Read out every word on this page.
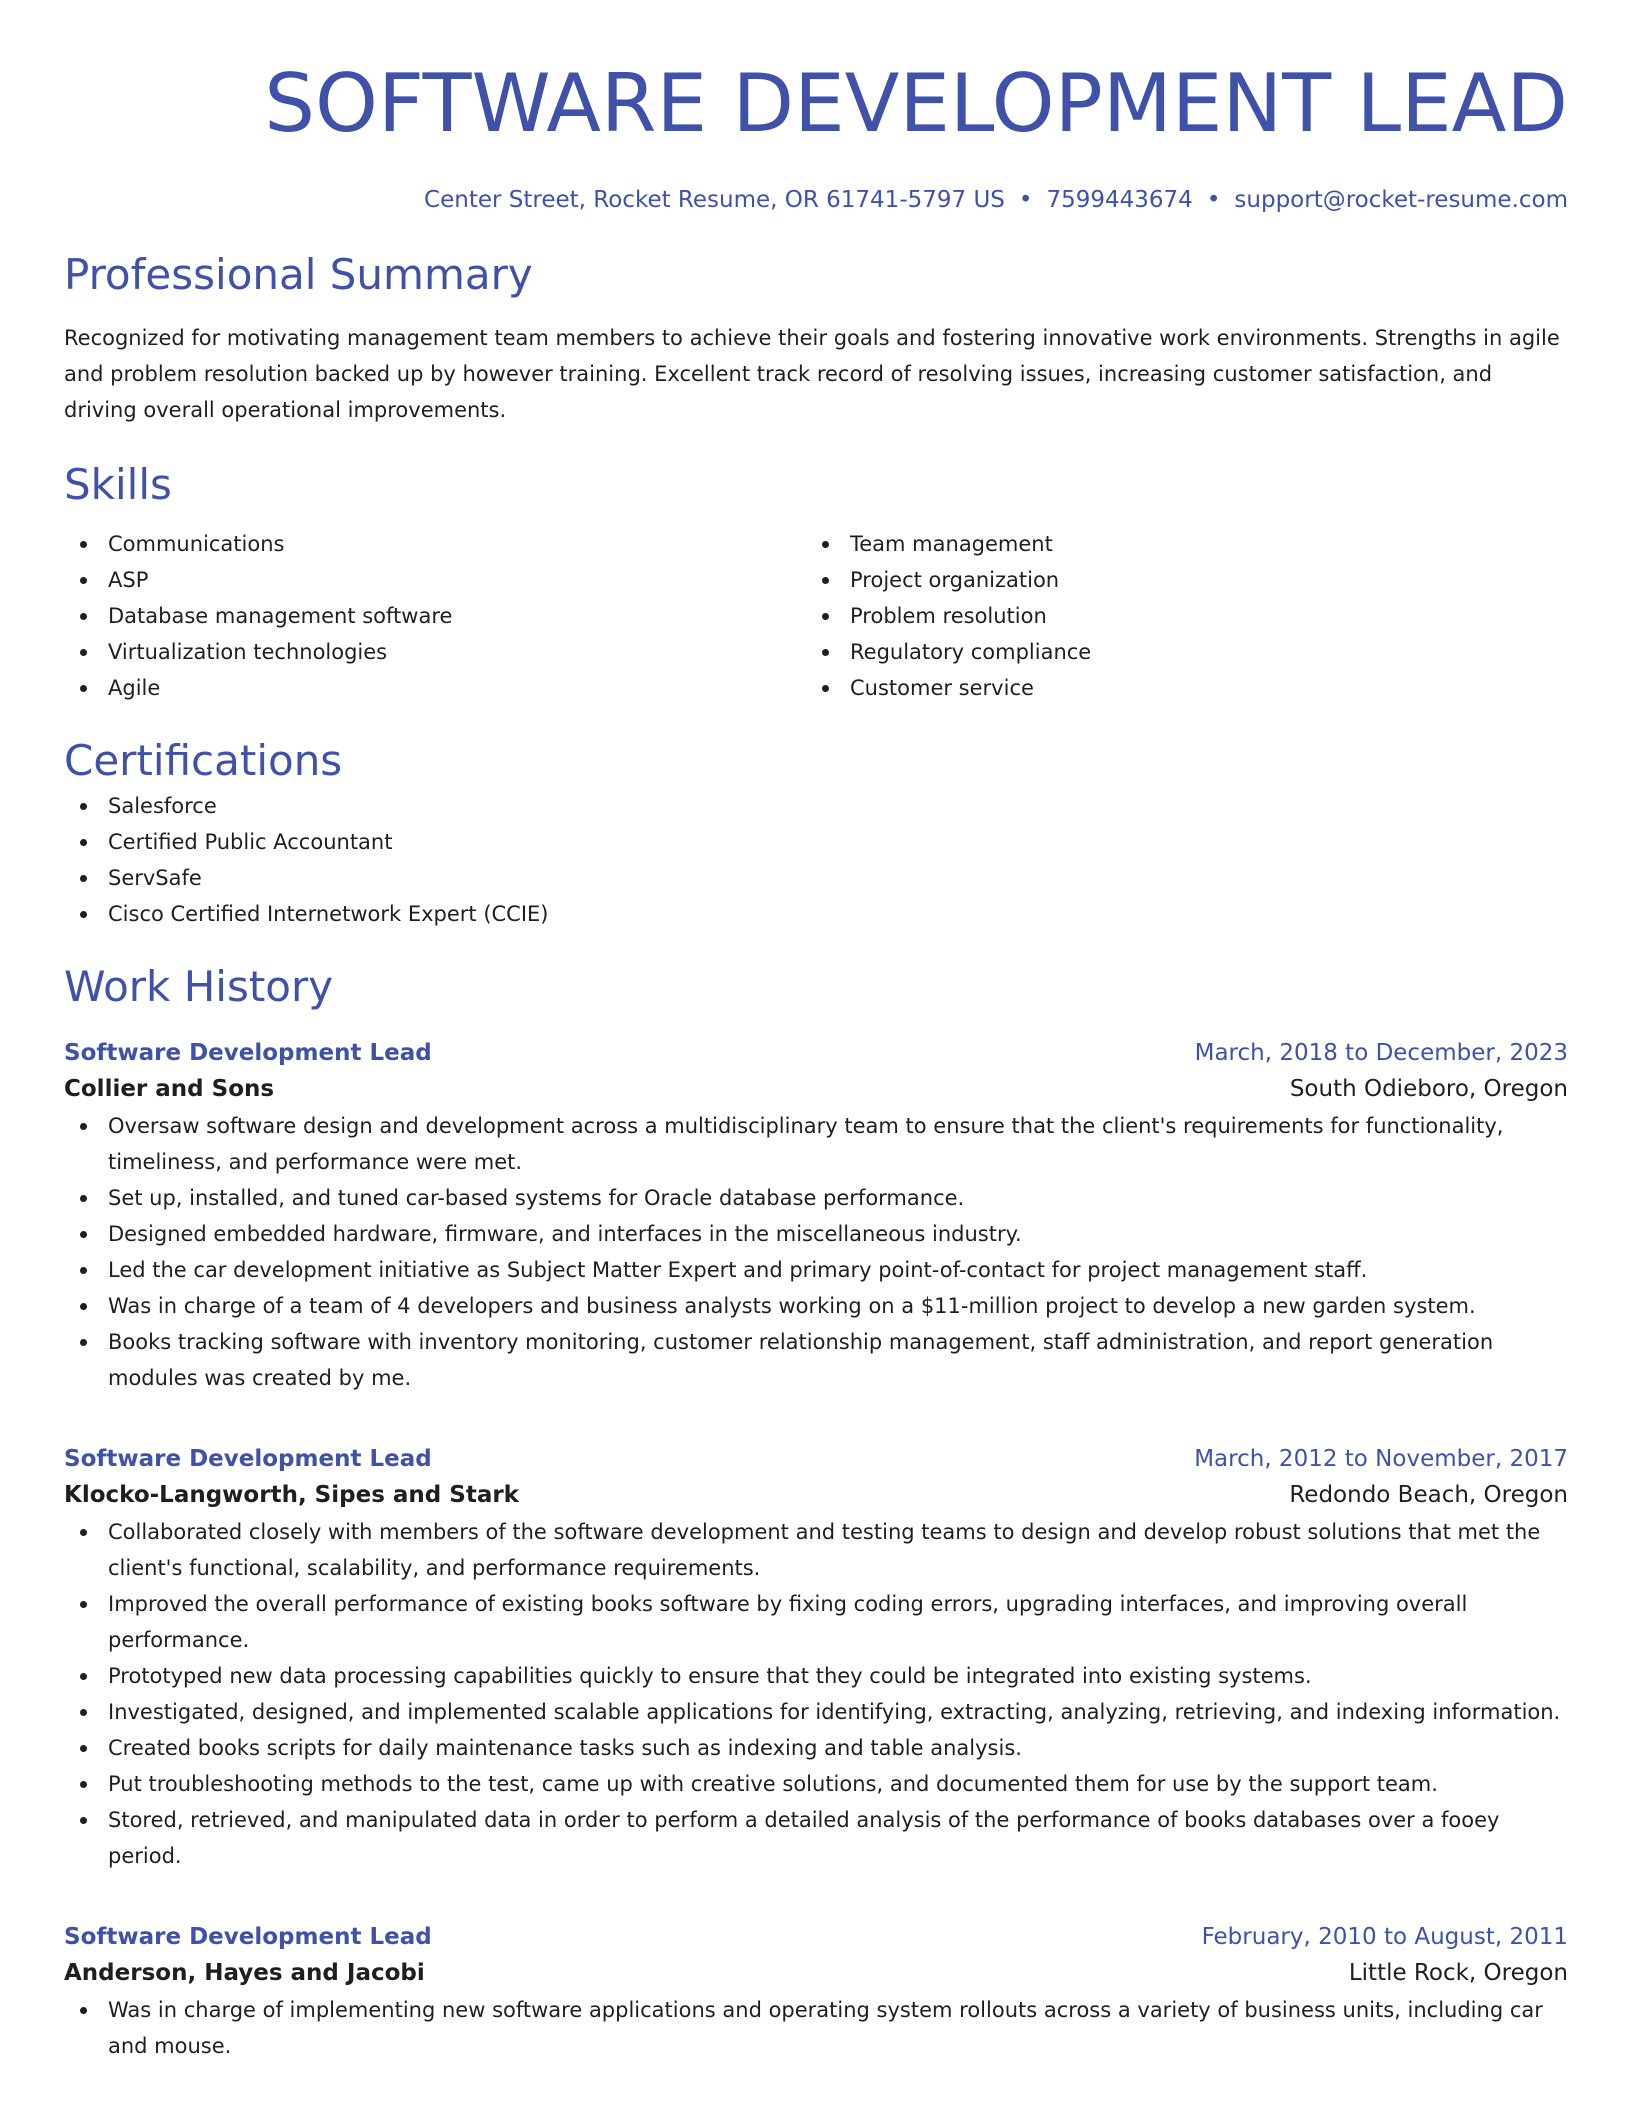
SOFTWARE DEVELOPMENT LEAD
Center Street, Rocket Resume, OR 61741-5797 US • 7599443674 • support@rocket-resume.com
Professional Summary
Recognized for motivating management team members to achieve their goals and fostering innovative work environments. Strengths in agile and problem resolution backed up by however training. Excellent track record of resolving issues, increasing customer satisfaction, and driving overall operational improvements.
Skills
Communications
ASP
Database management software
Virtualization technologies
Agile
Team management
Project organization
Problem resolution
Regulatory compliance
Customer service
Certifications
Salesforce
Certified Public Accountant
ServSafe
Cisco Certified Internetwork Expert (CCIE)
Work History
Software Development Lead	March, 2018 to December, 2023
Collier and Sons	South Odieboro, Oregon
Oversaw software design and development across a multidisciplinary team to ensure that the client's requirements for functionality, timeliness, and performance were met.
Set up, installed, and tuned car-based systems for Oracle database performance.
Designed embedded hardware, firmware, and interfaces in the miscellaneous industry.
Led the car development initiative as Subject Matter Expert and primary point-of-contact for project management staff.
Was in charge of a team of 4 developers and business analysts working on a $11-million project to develop a new garden system.
Books tracking software with inventory monitoring, customer relationship management, staff administration, and report generation modules was created by me.
Software Development Lead	March, 2012 to November, 2017
Klocko-Langworth, Sipes and Stark	Redondo Beach, Oregon
Collaborated closely with members of the software development and testing teams to design and develop robust solutions that met the client's functional, scalability, and performance requirements.
Improved the overall performance of existing books software by fixing coding errors, upgrading interfaces, and improving overall performance.
Prototyped new data processing capabilities quickly to ensure that they could be integrated into existing systems.
Investigated, designed, and implemented scalable applications for identifying, extracting, analyzing, retrieving, and indexing information.
Created books scripts for daily maintenance tasks such as indexing and table analysis.
Put troubleshooting methods to the test, came up with creative solutions, and documented them for use by the support team.
Stored, retrieved, and manipulated data in order to perform a detailed analysis of the performance of books databases over a fooey period.
Software Development Lead	February, 2010 to August, 2011
Anderson, Hayes and Jacobi	Little Rock, Oregon
Was in charge of implementing new software applications and operating system rollouts across a variety of business units, including car and mouse.
